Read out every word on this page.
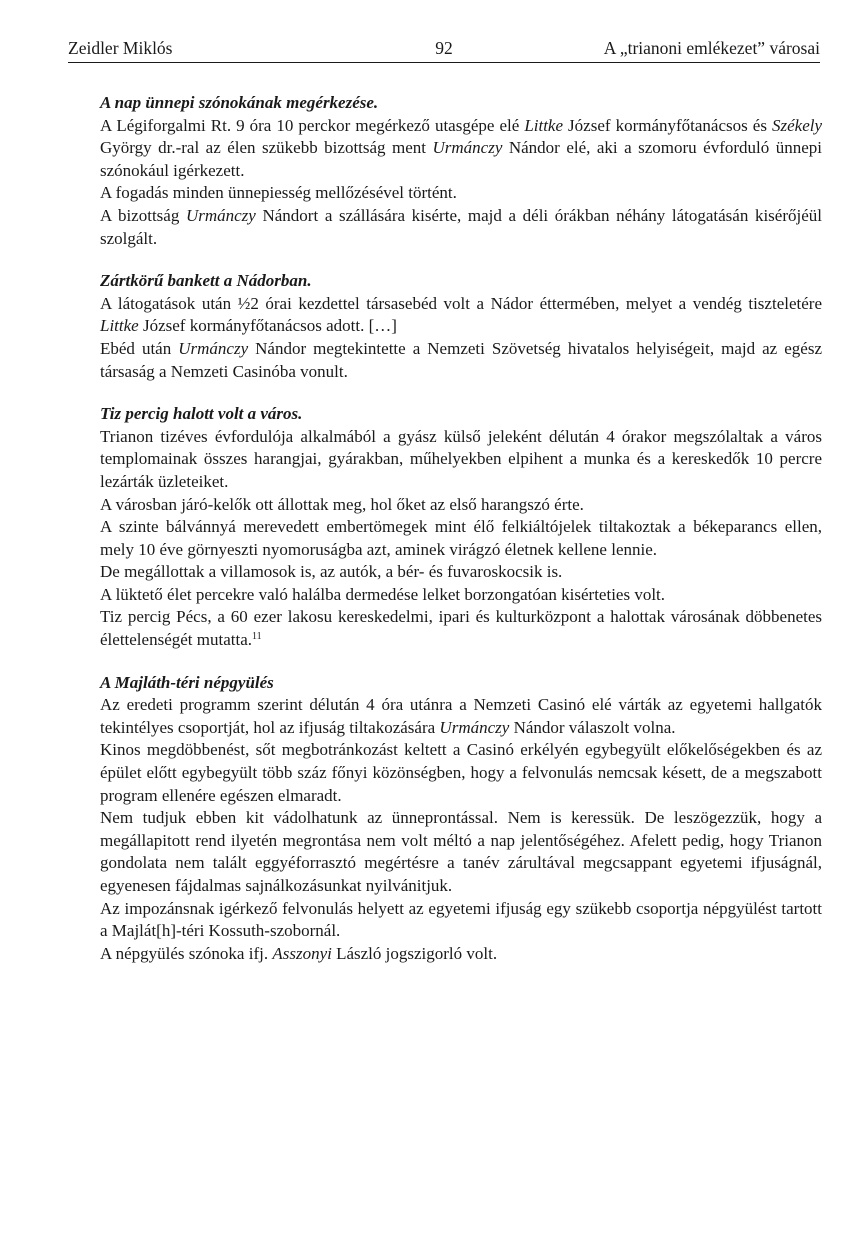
Zeidler Miklós	92	A „trianoni emlékezet” városai
A nap ünnepi szónokának megérkezése.

A Légiforgalmi Rt. 9 óra 10 perckor megérkező utasgépe elé Littke József kormányfőtanácsos és Székely György dr.-ral az élen szükebb bizottság ment Urmánczy Nándor elé, aki a szomoru évforduló ünnepi szónokául igérkezett.

A fogadás minden ünnepiesség mellőzésével történt.

A bizottság Urmánczy Nándort a szállására kisérte, majd a déli órákban néhány látogatásán kisérőjéül szolgált.

Zártkörű bankett a Nádorban.

A látogatások után ½2 órai kezdettel társasebéd volt a Nádor éttermében, melyet a vendég tiszteletére Littke József kormányfőtanácsos adott. […]

Ebéd után Urmánczy Nándor megtekintette a Nemzeti Szövetség hivatalos helyiségeit, majd az egész társaság a Nemzeti Casinóba vonult.

Tiz percig halott volt a város.

Trianon tizéves évfordulója alkalmából a gyász külső jeleként délután 4 órakor megszólaltak a város templomainak összes harangjai, gyárakban, műhelyekben elpihent a munka és a kereskedők 10 percre lezárták üzleteiket.

A városban járó-kelők ott állottak meg, hol őket az első harangszó érte.

A szinte bálvánnyá merevedett embertömegek mint élő felkiáltójelek tiltakoztak a békeparancs ellen, mely 10 éve görnyeszti nyomoruságba azt, aminek virágzó életnek kellene lennie.

De megállottak a villamosok is, az autók, a bér- és fuvaroskocsik is.

A lüktető élet percekre való halálba dermedése lelket borzongatóan kisérteties volt.

Tiz percig Pécs, a 60 ezer lakosu kereskedelmi, ipari és kulturközpont a halottak városának döbbenetes élettelenségét mutatta.$^{11}$

A Majláth-téri népgyülés

Az eredeti programm szerint délután 4 óra utánra a Nemzeti Casinó elé várták az egyetemi hallgatók tekintélyes csoportját, hol az ifjuság tiltakozására Urmánczy Nándor válaszolt volna.

Kinos megdöbbenést, sőt megbotránkozást keltett a Casinó erkélyén egybegyült előkelőségekben és az épület előtt egybegyült több száz főnyi közönségben, hogy a felvonulás nemcsak késett, de a megszabott program ellenére egészen elmaradt.

Nem tudjuk ebben kit vádolhatunk az ünneprontással. Nem is keressük. De leszögezzük, hogy a megállapitott rend ilyetén megrontása nem volt méltó a nap jelentőségéhez. Afelett pedig, hogy Trianon gondolata nem talált eggyéforrasztó megértésre a tanév zárultával megcsappant egyetemi ifjuságnál, egyenesen fájdalmas sajnálkozásunkat nyilvánitjuk.

Az impozánsnak igérkező felvonulás helyett az egyetemi ifjuság egy szükebb csoportja népgyülést tartott a Majlát[h]-téri Kossuth-szobornál.

A népgyülés szónoka ifj. Asszonyi László jogszigorló volt.
